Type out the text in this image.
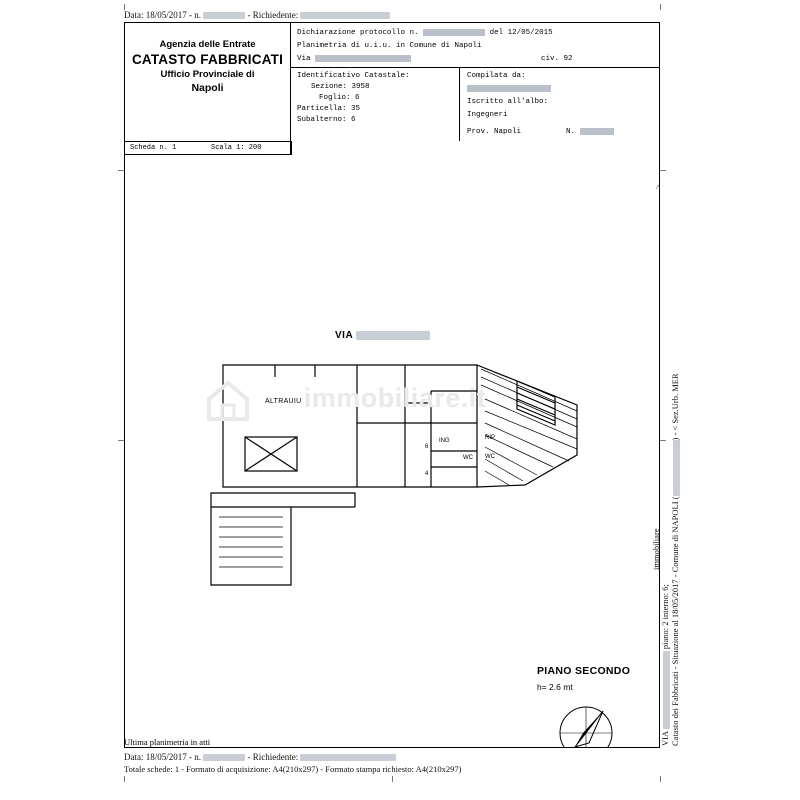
Data: 18/05/2017 - n.	- Richiedente:
Agenzia delle Entrate
CATASTO FABBRICATI
Ufficio Provinciale di
Napoli
Dichiarazione protocollo n.	del 12/05/2015
Planimetria di u.i.u. in Comune di Napoli
Via	civ. 92
Identificativo Catastale:
Sezione: 3958
Foglio: 6
Particella: 35
Subalterno: 6
Compilata da:
Iscritto all'albo:
Ingegneri
Prov. Napoli	N.
Scheda n. 1	Scala 1: 200
immobiliare.it
VIA
ALTRAUIU
ING	RIP
WC WC
4
6
PIANO SECONDO
h= 2.6 mt
^
Catasto dei Fabbricati - Situazione al 18/05/2017 - Comune di NAPOLI () - < Sez.Urb. MER
VIA  piano: 2 interno: 6;
immobiliare
Ultima planimetria in atti
Data: 18/05/2017 - n.	- Richiedente:
Totale schede: 1 - Formato di acquisizione: A4(210x297) - Formato stampa richiesto: A4(210x297)
